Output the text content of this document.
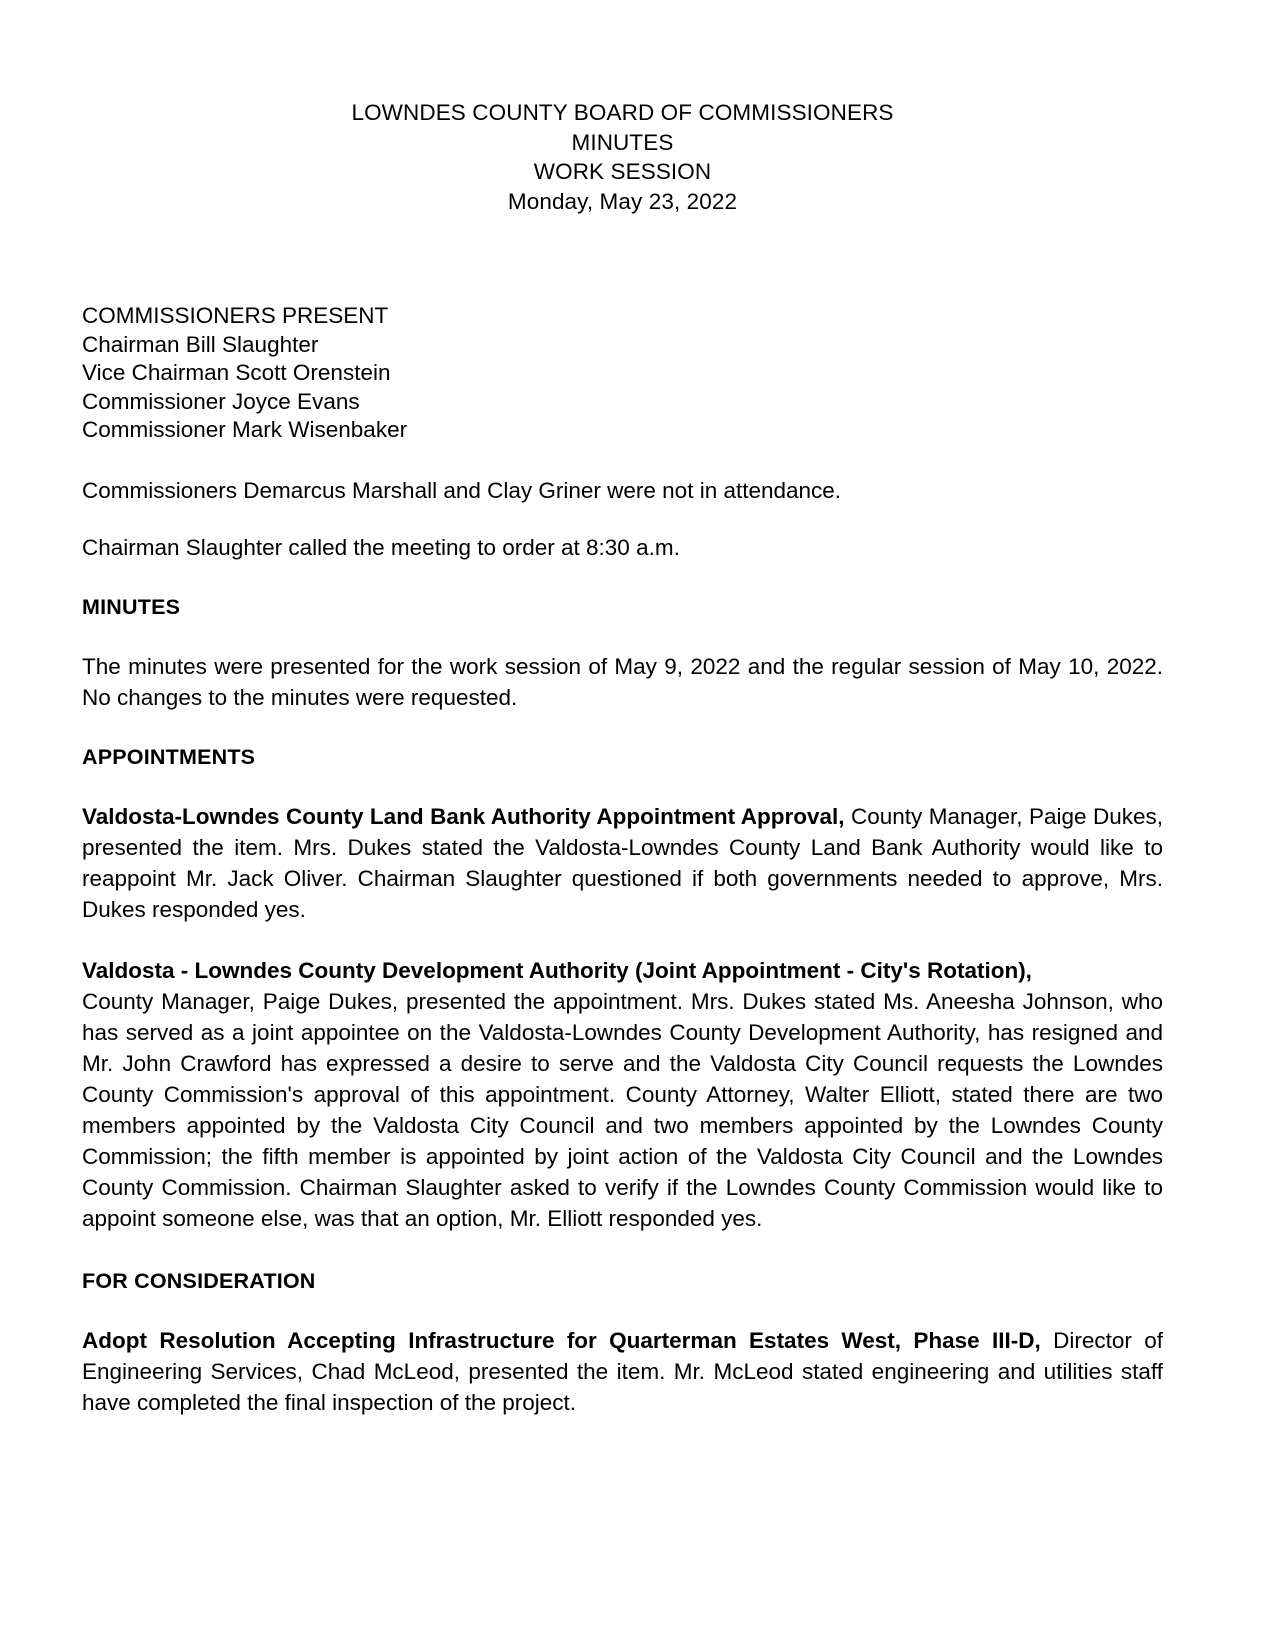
LOWNDES COUNTY BOARD OF COMMISSIONERS
MINUTES
WORK SESSION
Monday, May 23, 2022
COMMISSIONERS PRESENT
Chairman Bill Slaughter
Vice Chairman Scott Orenstein
Commissioner Joyce Evans
Commissioner Mark Wisenbaker

Commissioners Demarcus Marshall and Clay Griner were not in attendance.

Chairman Slaughter called the meeting to order at 8:30 a.m.

MINUTES

The minutes were presented for the work session of May 9, 2022 and the regular session of May 10, 2022. No changes to the minutes were requested.

APPOINTMENTS

Valdosta-Lowndes County Land Bank Authority Appointment Approval, County Manager, Paige Dukes, presented the item. Mrs. Dukes stated the Valdosta-Lowndes County Land Bank Authority would like to reappoint Mr. Jack Oliver. Chairman Slaughter questioned if both governments needed to approve, Mrs. Dukes responded yes.

Valdosta - Lowndes County Development Authority (Joint Appointment - City's Rotation),

County Manager, Paige Dukes, presented the appointment. Mrs. Dukes stated Ms. Aneesha Johnson, who has served as a joint appointee on the Valdosta-Lowndes County Development Authority, has resigned and Mr. John Crawford has expressed a desire to serve and the Valdosta City Council requests the Lowndes County Commission's approval of this appointment. County Attorney, Walter Elliott, stated there are two members appointed by the Valdosta City Council and two members appointed by the Lowndes County Commission; the fifth member is appointed by joint action of the Valdosta City Council and the Lowndes County Commission. Chairman Slaughter asked to verify if the Lowndes County Commission would like to appoint someone else, was that an option, Mr. Elliott responded yes.

FOR CONSIDERATION

Adopt Resolution Accepting Infrastructure for Quarterman Estates West, Phase III-D, Director of Engineering Services, Chad McLeod, presented the item. Mr. McLeod stated engineering and utilities staff have completed the final inspection of the project.
